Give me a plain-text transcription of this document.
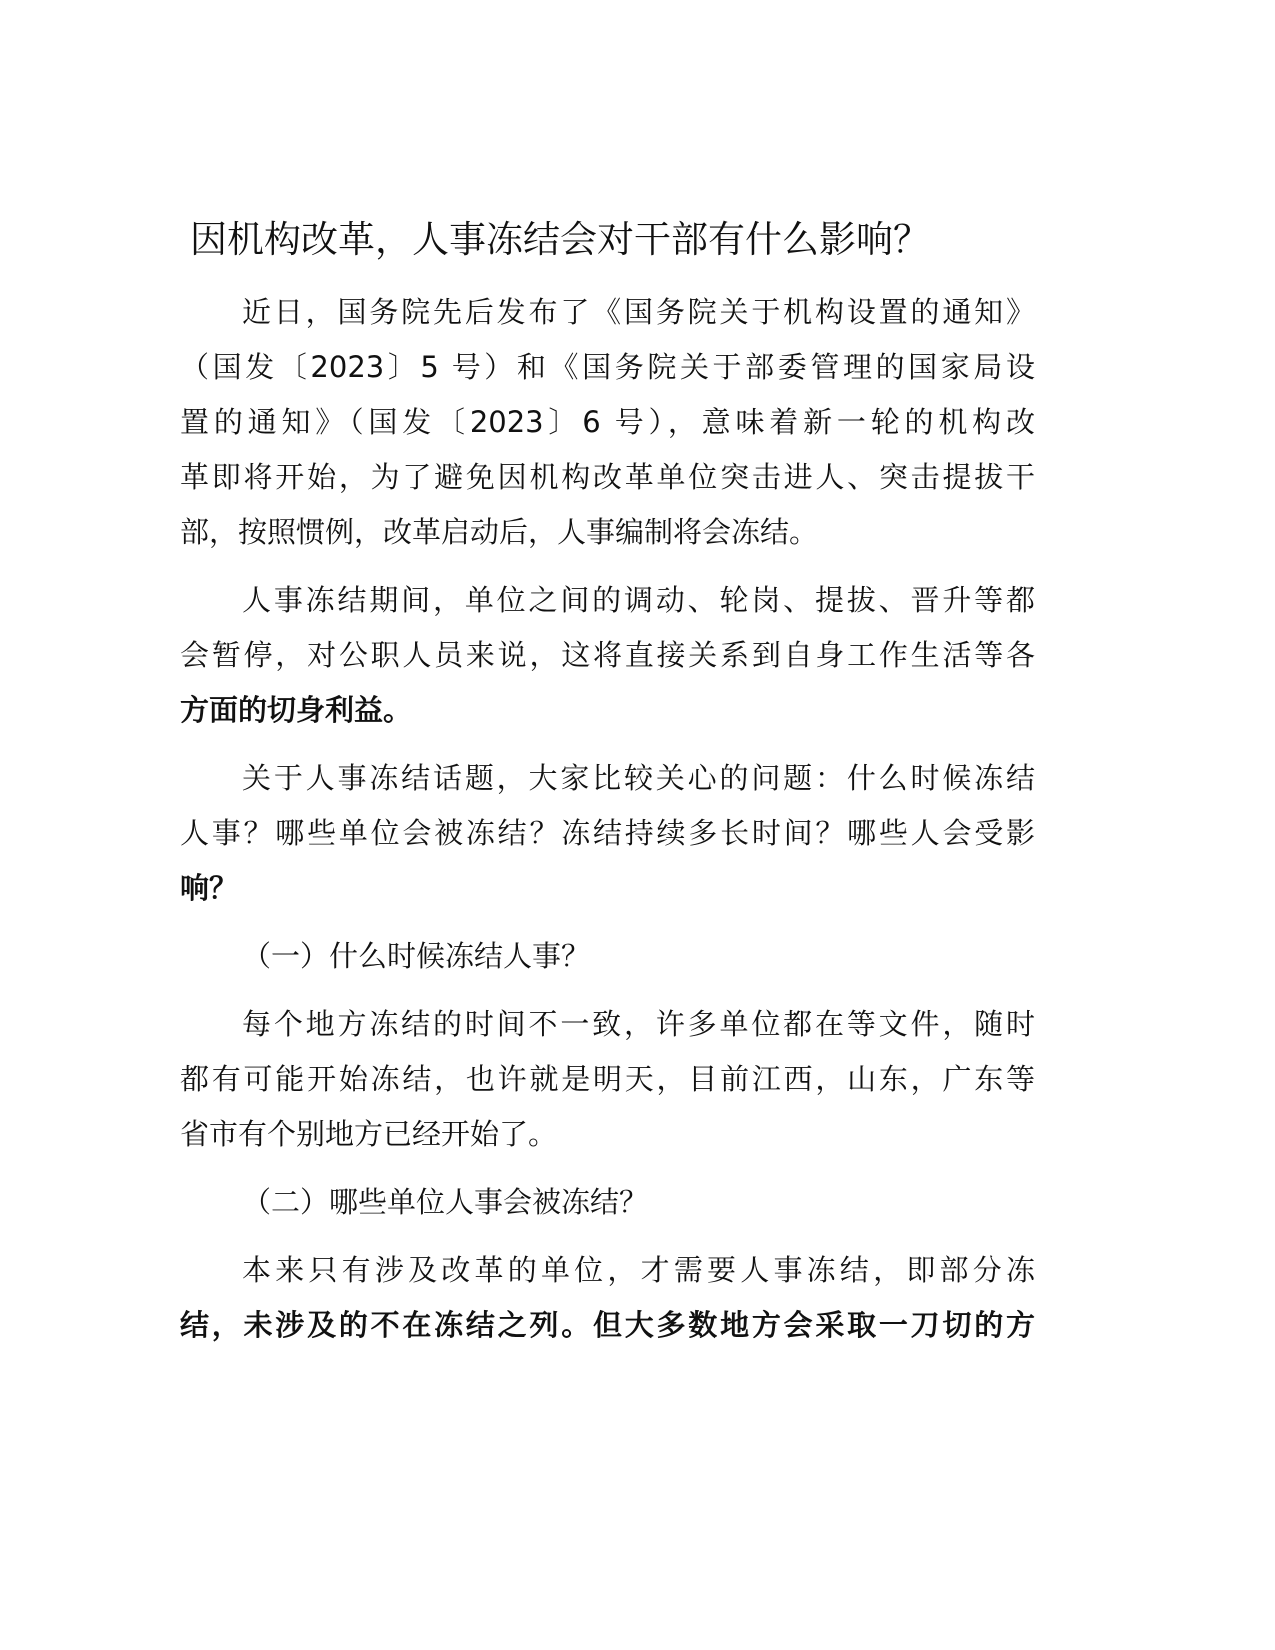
因机构改革，人事冻结会对干部有什么影响？
近日，国务院先后发布了《国务院关于机构设置的通知》
（国发〔2023〕5 号）和《国务院关于部委管理的国家局设
置的通知》（国发〔2023〕6 号），意味着新一轮的机构改
革即将开始，为了避免因机构改革单位突击进人、突击提拔干
部，按照惯例，改革启动后，人事编制将会冻结。
人事冻结期间，单位之间的调动、轮岗、提拔、晋升等都
会暂停，对公职人员来说，这将直接关系到自身工作生活等各
方面的切身利益。
关于人事冻结话题，大家比较关心的问题：什么时候冻结
人事？哪些单位会被冻结？冻结持续多长时间？哪些人会受影
响？
（一）什么时候冻结人事？
每个地方冻结的时间不一致，许多单位都在等文件，随时
都有可能开始冻结，也许就是明天，目前江西，山东，广东等
省市有个别地方已经开始了。
（二）哪些单位人事会被冻结？
本来只有涉及改革的单位，才需要人事冻结，即部分冻
结，未涉及的不在冻结之列。但大多数地方会采取一刀切的方
